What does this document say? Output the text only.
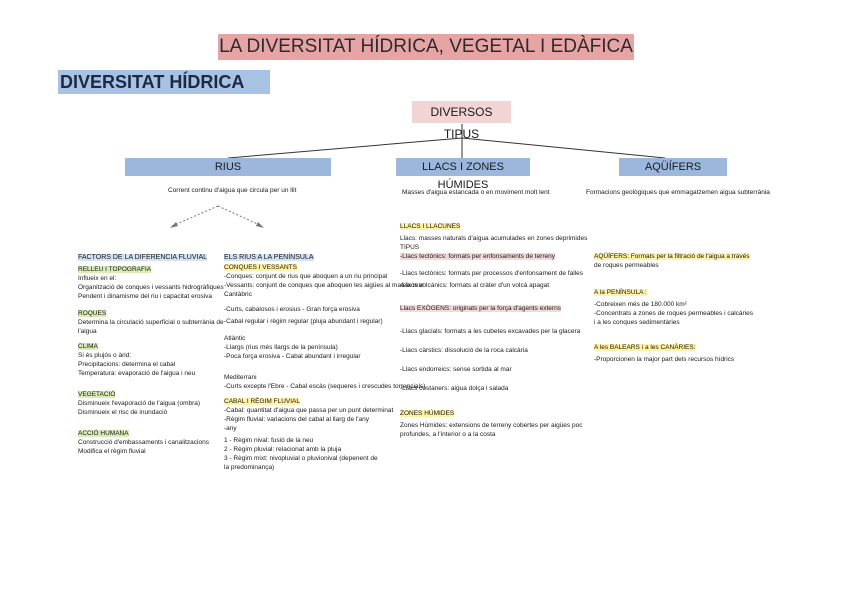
LA DIVERSITAT HÍDRICA, VEGETAL I EDÀFICA
DIVERSITAT HÍDRICA
DIVERSOS TIPUS
RIUS	LLACS I ZONES HÚMIDES
AQÜÍFERS
Corrent continu d'aigua que circula per un llit	Masses d'aigua estancada o en moviment molt lent	Formacions geològiques que emmagatzemen aigua subterrània

FACTORS DE LA DIFERENCIA FLUVIAL

RELLEU I TOPOGRAFIA

Influeix en el:

Organització de conques i vessants hidrogràfiques

Pendent i dinamisme del riu i capacitat erosiva

ROQUES

Determina la circulació superficial o subterrània de

l'aigua

CLIMA

Si és plujós o àrid:

Precipitacions: determina el cabal

Temperatura: evaporació de l'aigua i neu

VEGETACIÓ

Disminueix l'evaporació de l'aigua (ombra)

Disminueix el risc de inundació

ACCIÓ HUMANA

Construcció d'embassaments i canalitzacions

Modifica el règim fluvial

ELS RIUS A LA PENÍNSULA

CONQUES I VESSANTS

-Conques: conjunt de rius que aboquen a un riu principal

-Vessants: conjunt de conques que aboquen les aigües al mateix mar

Cantàbric

-Curts, cabalosos i erosius - Gran força erosiva

-Cabal regular i règim regular (pluja abundant i regular)

Atlàntic

-Llargs (rius més llargs de la península)

-Poca força erosiva - Cabal abundant i irregular

Mediterrani

-Curts excepte l'Ebre - Cabal escàs (sequeres i crescudes torrencials)

CABAL I RÈGIM FLUVIAL

-Cabal: quantitat d'aigua que passa per un punt determinat

-Règim fluvial: variacions del cabal al llarg de l'any

-any

1 - Règim nival: fusió de la neu

2 - Règim pluvial: relacionat amb la pluja

3 - Règim mixt: nivopluvial o pluvionival (depenent de

la predominança)

LLACS I LLACUNES

Llacs: masses naturals d'aigua acumulades en zones deprimides

TIPUS

-Llacs tectònics: formats per enfonsaments de terreny

-Llacs tectònics: formats per processos d'enfonsament de falles

-Llacs volcànics: formats al cràter d'un volcà apagat

Llacs EXÒGENS: originats per la força d'agents externs

-Llacs glacials: formats a les cubetes excavades per la glacera

-Llacs càrstics: dissolució de la roca calcària

-Llacs endorreics: sense sortida al mar

-Llacs costaners: aigua dolça i salada

ZONES HÚMIDES

Zones Húmides: extensions de terreny cobertes per aigües poc

profundes, a l'interior o a la costa

AQÜÍFERS: Formats per la filtració de l'aigua a través

de roques permeables

A la PENÍNSULA :

-Cobreixen més de 180.000 km²

-Concentrats a zones de roques permeables i calcàries

i a les conques sedimentàries

A les BALEARS i a les CANÀRIES:

-Proporcionen la major part dels recursos hídrics
